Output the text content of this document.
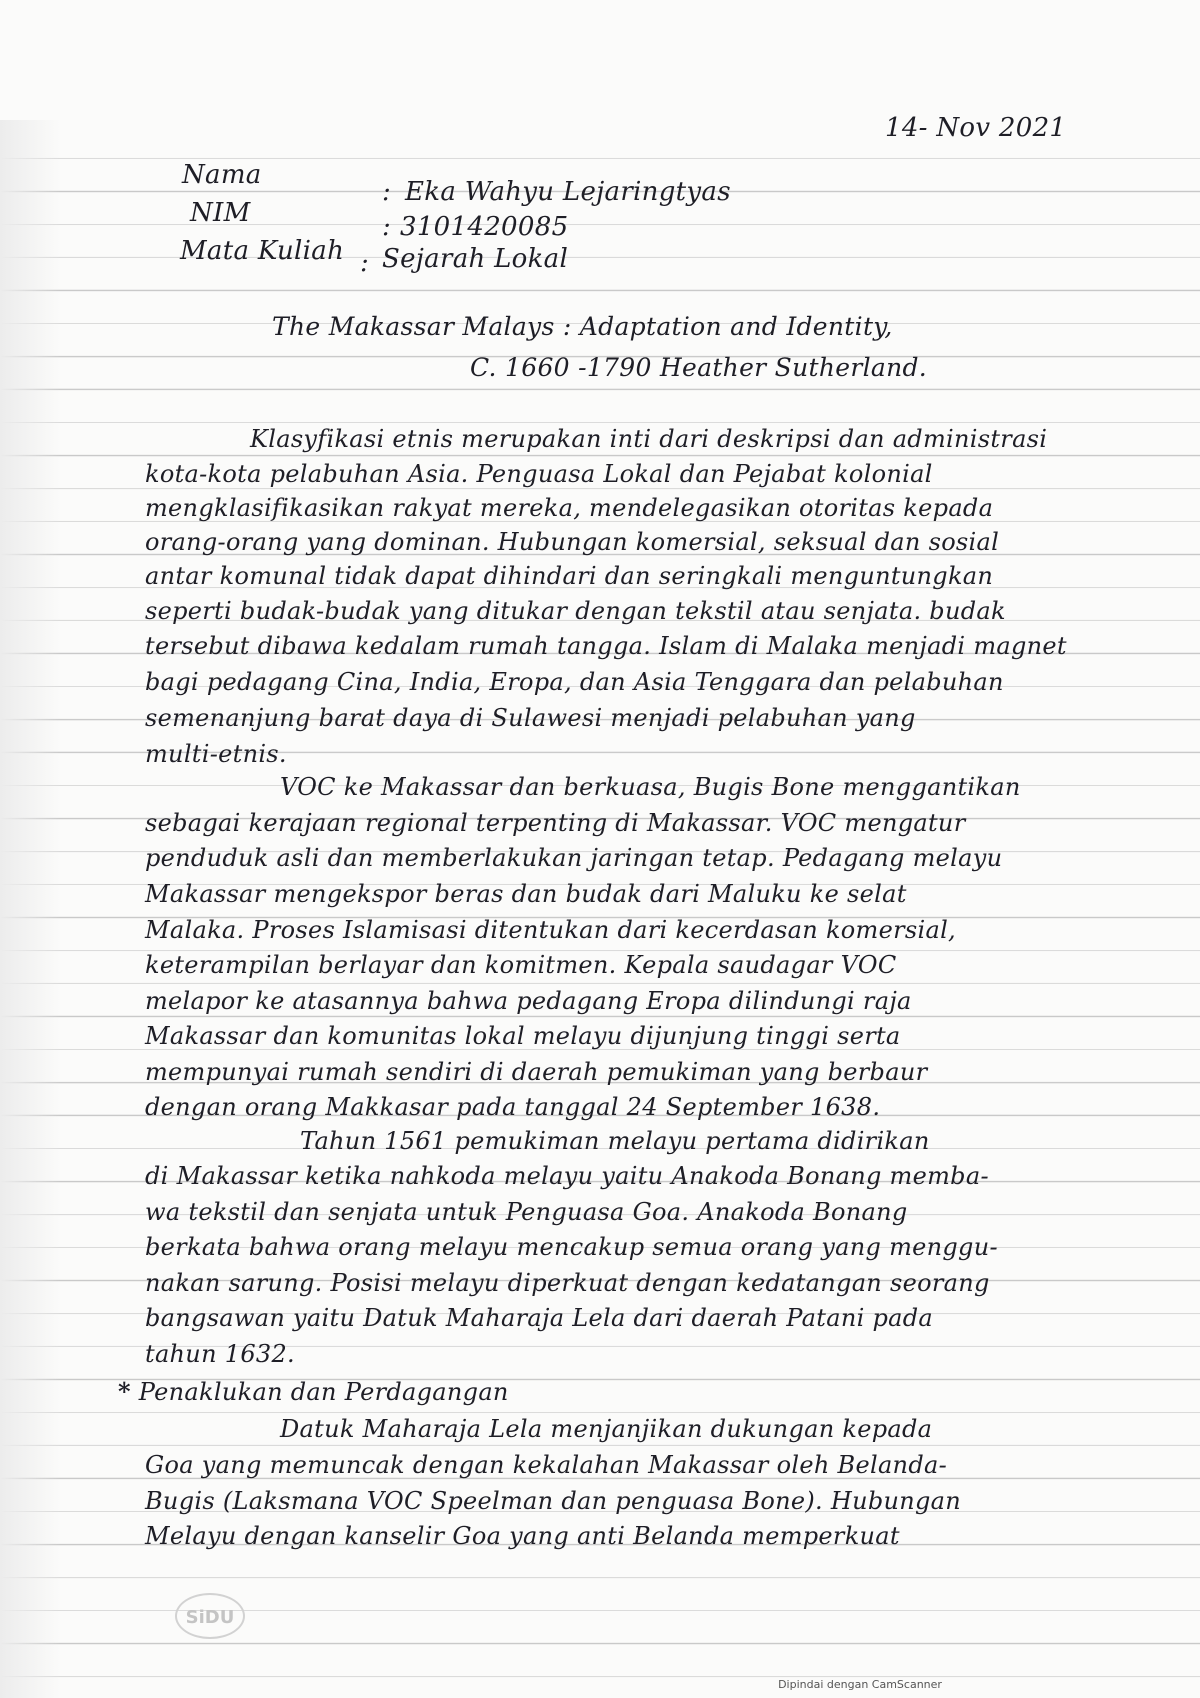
14- Nov 2021
Nama
: Eka Wahyu Lejaringtyas
NIM	: 3101420085
Mata Kuliah : Sejarah Lokal
The Makassar Malays : Adaptation and Identity,
C. 1660 -1790 Heather Sutherland.
Klasyfikasi etnis merupakan inti dari deskripsi dan administrasi
kota-kota pelabuhan Asia. Penguasa Lokal dan Pejabat kolonial
mengklasifikasikan rakyat mereka, mendelegasikan otoritas kepada
orang-orang yang dominan. Hubungan komersial, seksual dan sosial
antar komunal tidak dapat dihindari dan seringkali menguntungkan
seperti budak-budak yang ditukar dengan tekstil atau senjata. budak
tersebut dibawa kedalam rumah tangga. Islam di Malaka menjadi magnet
bagi pedagang Cina, India, Eropa, dan Asia Tenggara dan pelabuhan
semenanjung barat daya di Sulawesi menjadi pelabuhan yang
multi-etnis.
VOC ke Makassar dan berkuasa, Bugis Bone menggantikan
sebagai kerajaan regional terpenting di Makassar. VOC mengatur
penduduk asli dan memberlakukan jaringan tetap. Pedagang melayu
Makassar mengekspor beras dan budak dari Maluku ke selat
Malaka. Proses Islamisasi ditentukan dari kecerdasan komersial,
keterampilan berlayar dan komitmen. Kepala saudagar VOC
melapor ke atasannya bahwa pedagang Eropa dilindungi raja
Makassar dan komunitas lokal melayu dijunjung tinggi serta
mempunyai rumah sendiri di daerah pemukiman yang berbaur
dengan orang Makkasar pada tanggal 24 September 1638.
Tahun 1561 pemukiman melayu pertama didirikan
di Makassar ketika nahkoda melayu yaitu Anakoda Bonang memba-
wa tekstil dan senjata untuk Penguasa Goa. Anakoda Bonang
berkata bahwa orang melayu mencakup semua orang yang menggu-
nakan sarung. Posisi melayu diperkuat dengan kedatangan seorang
bangsawan yaitu Datuk Maharaja Lela dari daerah Patani pada
tahun 1632.
* Penaklukan dan Perdagangan
Datuk Maharaja Lela menjanjikan dukungan kepada
Goa yang memuncak dengan kekalahan Makassar oleh Belanda-
Bugis (Laksmana VOC Speelman dan penguasa Bone). Hubungan
Melayu dengan kanselir Goa yang anti Belanda memperkuat
SiDU
Dipindai dengan CamScanner
